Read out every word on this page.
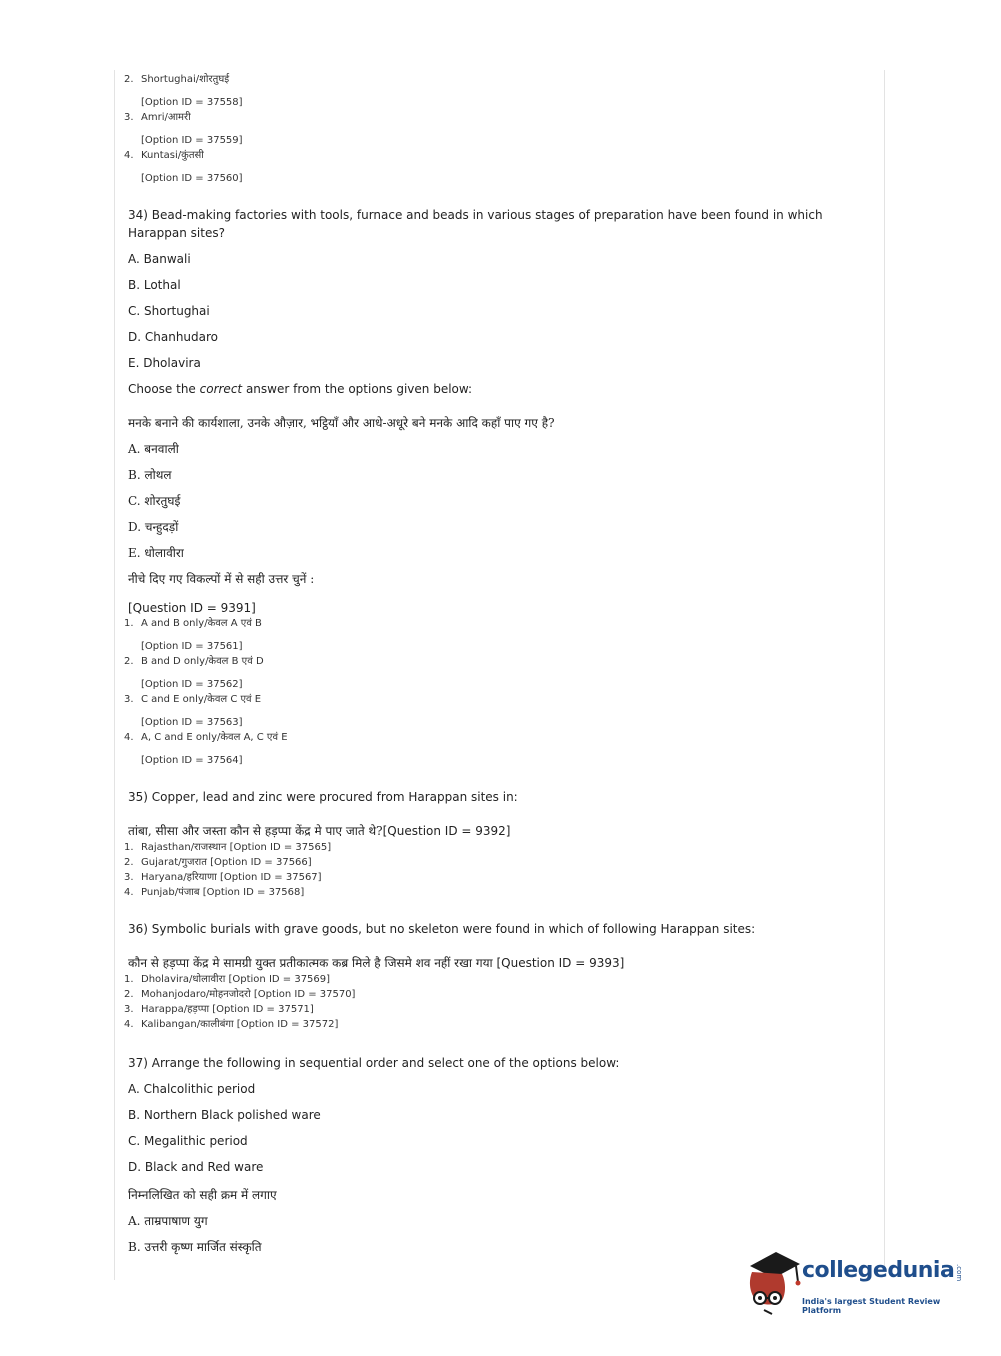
2. Shortughai/शोरतुघई
[Option ID = 37558]
3. Amri/आमरी
[Option ID = 37559]
4. Kuntasi/कुंतसी
[Option ID = 37560]
34) Bead-making factories with tools, furnace and beads in various stages of preparation have been found in which
Harappan sites?
A. Banwali
B. Lothal
C. Shortughai
D. Chanhudaro
E. Dholavira
Choose the correct answer from the options given below:
मनके बनाने की कार्यशाला, उनके औज़ार, भट्ठियाँ और आधे-अधूरे बने मनके आदि कहाँ पाए गए है?
A. बनवाली
B. लोथल
C. शोरतुघई
D. चन्हुदड़ों
E. धोलावीरा
नीचे दिए गए विकल्पों में से सही उत्तर चुनें :
[Question ID = 9391]
1. A and B only/केवल A एवं B
[Option ID = 37561]
2. B and D only/केवल B एवं D
[Option ID = 37562]
3. C and E only/केवल C एवं E
[Option ID = 37563]
4. A, C and E only/केवल A, C एवं E
[Option ID = 37564]
35) Copper, lead and zinc were procured from Harappan sites in:
तांबा, सीसा और जस्ता कौन से हड़प्पा केंद्र मे पाए जाते थे?[Question ID = 9392]
1. Rajasthan/राजस्थान [Option ID = 37565]
2. Gujarat/गुजरात [Option ID = 37566]
3. Haryana/हरियाणा [Option ID = 37567]
4. Punjab/पंजाब [Option ID = 37568]
36) Symbolic burials with grave goods, but no skeleton were found in which of following Harappan sites:
कौन से हड़प्पा केंद्र मे सामग्री युक्त प्रतीकात्मक कब्र मिले है जिसमे शव नहीं रखा गया [Question ID = 9393]
1. Dholavira/धोलावीरा [Option ID = 37569]
2. Mohanjodaro/मोहनजोदरो [Option ID = 37570]
3. Harappa/हड़प्पा [Option ID = 37571]
4. Kalibangan/कालीबंगा [Option ID = 37572]
37) Arrange the following in sequential order and select one of the options below:
A. Chalcolithic period
B. Northern Black polished ware
C. Megalithic period
D. Black and Red ware
निम्नलिखित को सही क्रम में लगाए
A. ताम्रपाषाण युग
B. उत्तरी कृष्ण मार्जित संस्कृति
collegedunia .com
India's largest Student Review Platform
